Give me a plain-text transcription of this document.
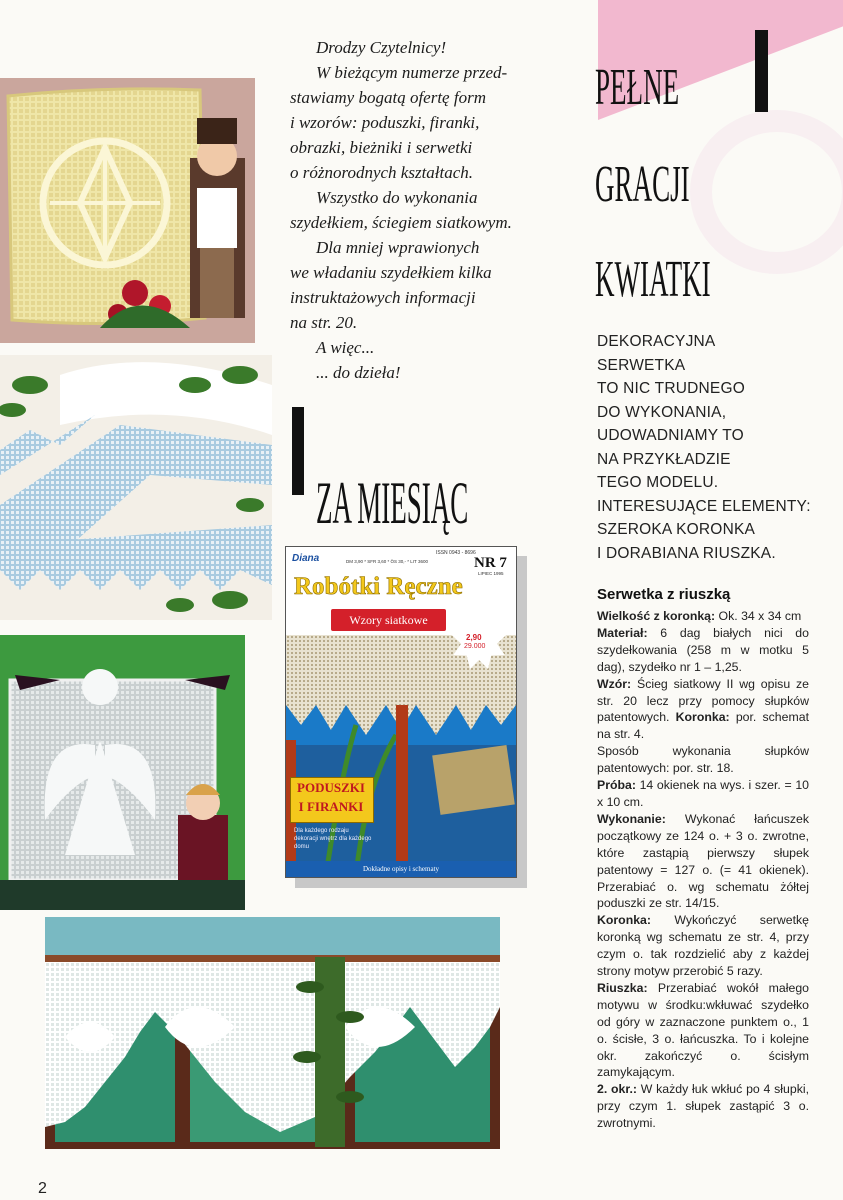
Drodzy Czytelnicy!

W bieżącym numerze przed-

stawiamy bogatą ofertę form

i wzorów: poduszki, firanki,

obrazki, bieżniki i serwetki

o różnorodnych kształtach.

Wszystko do wykonania

szydełkiem, ściegiem siatkowym.

Dla mniej wprawionych

we władaniu szydełkiem kilka

instruktażowych informacji

na str. 20.

A więc...

... do dzieła!

PEŁNE
GRACJI
KWIATKI
ZA MIESIĄC
Diana	ISSN 0943 - 8696
DM 3,90 * SFR 3,60 * ÖS 30,- * LIT 3600	NR 7
LIPIEC 1995
Robótki Ręczne
Wzory siatkowe
2,90
29.000
PODUSZKI
I FIRANKI
Dla każdego rodzaju dekoracji wnętrz dla każdego domu
Dokładne opisy i schematy
DEKORACYJNA
SERWETKA
TO NIC TRUDNEGO
DO WYKONANIA,
UDOWADNIAMY TO
NA PRZYKŁADZIE
TEGO MODELU.
INTERESUJĄCE ELEMENTY:
SZEROKA KORONKA
I DORABIANA RIUSZKA.
Serwetka z riuszką

Wielkość z koronką: Ok. 34 x 34 cm

Materiał: 6 dag białych nici do szydełkowania (258 m w motku 5 dag), szydełko nr 1 – 1,25.

Wzór: Ścieg siatkowy II wg opisu ze str. 20 lecz przy pomocy słupków patentowych. Koronka: por. schemat na str. 4.

Sposób wykonania słupków patentowych: por. str. 18.

Próba: 14 okienek na wys. i szer. = 10 x 10 cm.

Wykonanie: Wykonać łańcuszek początkowy ze 124 o. + 3 o. zwrotne, które zastąpią pierwszy słupek patentowy = 127 o. (= 41 okienek). Przerabiać o. wg schematu żółtej poduszki ze str. 14/15.

Koronka: Wykończyć serwetkę koronką wg schematu ze str. 4, przy czym o. tak rozdzielić aby z każdej strony motyw przerobić 5 razy.

Riuszka: Przerabiać wokół małego motywu w środku:wkłuwać szydełko od góry w zaznaczone punktem o., 1 o. ścisłe, 3 o. łańcuszka. To i kolejne okr. zakończyć o. ścisłym zamykającym.

2. okr.: W każdy łuk wkłuć po 4 słupki, przy czym 1. słupek zastąpić 3 o. zwrotnymi.

2
